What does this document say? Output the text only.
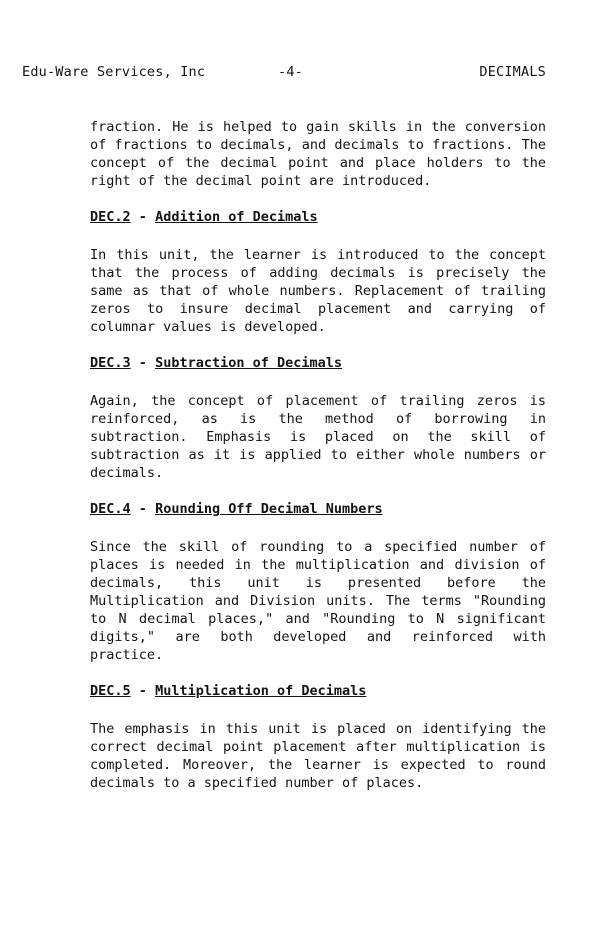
Edu-Ware Services, Inc	-4-	DECIMALS

fraction. He is helped to gain skills in the conversion of fractions to decimals, and decimals to fractions. The concept of the decimal point and place holders to the right of the decimal point are introduced.

DEC.2 - Addition of Decimals

In this unit, the learner is introduced to the concept that the process of adding decimals is precisely the same as that of whole numbers. Replacement of trailing zeros to insure decimal placement and carrying of columnar values is developed.

DEC.3 - Subtraction of Decimals

Again, the concept of placement of trailing zeros is reinforced, as is the method of borrowing in subtraction. Emphasis is placed on the skill of subtraction as it is applied to either whole numbers or decimals.

DEC.4 - Rounding Off Decimal Numbers

Since the skill of rounding to a specified number of places is needed in the multiplication and division of decimals, this unit is presented before the Multiplication and Division units. The terms "Rounding to N decimal places," and "Rounding to N significant digits," are both developed and reinforced with practice.

DEC.5 - Multiplication of Decimals

The emphasis in this unit is placed on identifying the correct decimal point placement after multiplication is completed. Moreover, the learner is expected to round decimals to a specified number of places.
